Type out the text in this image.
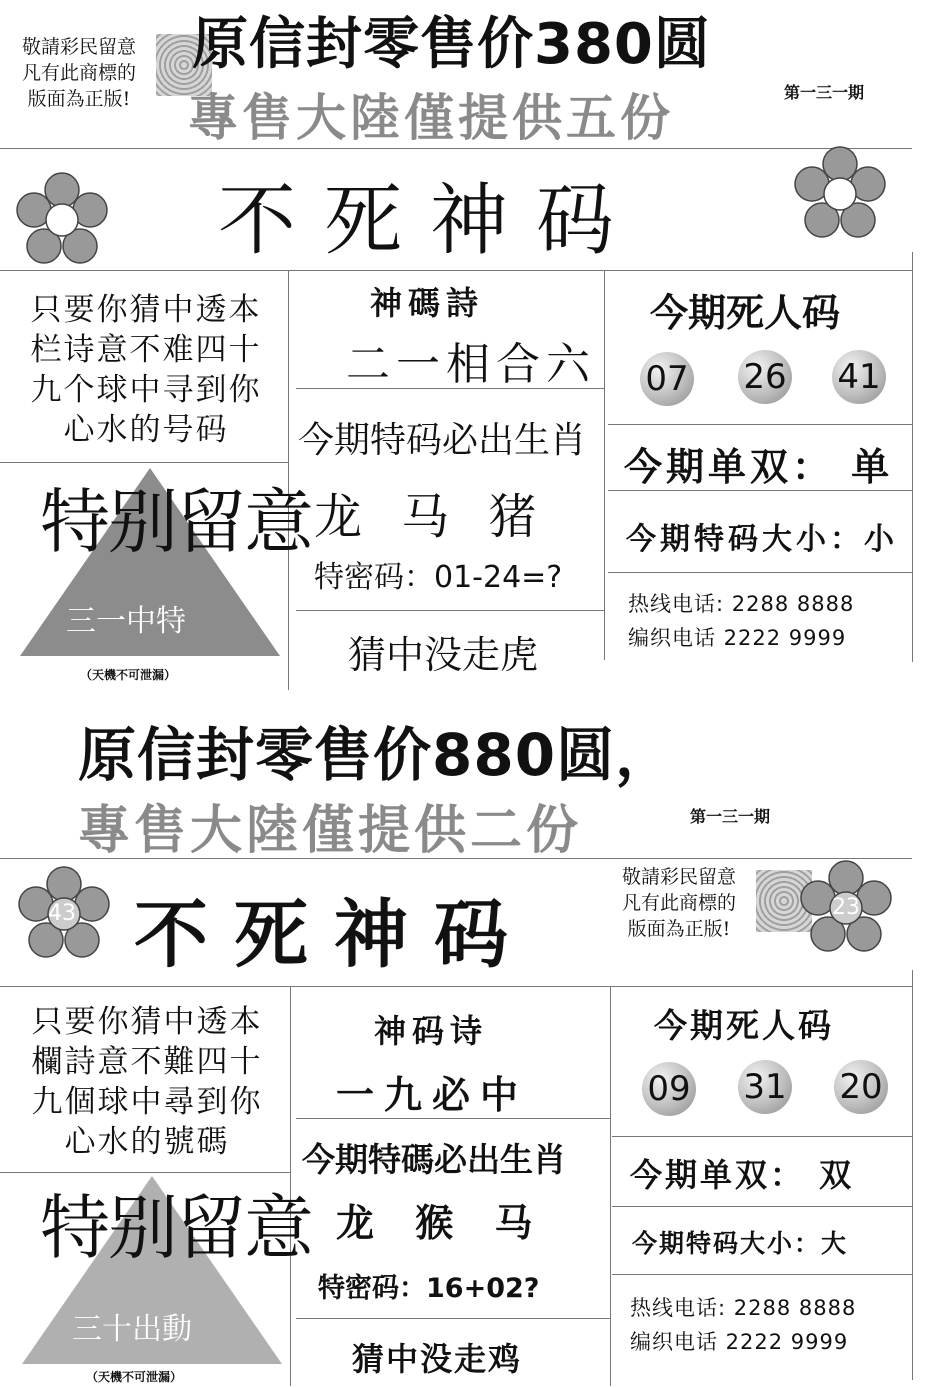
敬請彩民留意
凡有此商標的
版面為正版!
原信封零售价380圆
專售大陸僅提供五份	第一三一期
不死神码
只要你猜中透本
栏诗意不难四十
九个球中寻到你
心水的号码
特别留意
三一中特
（天機不可泄漏）
神碼詩
二一相合六
今期特码必出生肖
龙 马 猪
特密码：01-24=?
猜中没走虎
今期死人码
07 26 41
今期单双： 单
今期特码大小：小
热线电话: 2288 8888
编织电话 2222 9999
原信封零售价880圆，
專售大陸僅提供二份	第一三一期
43	23
不死神码
敬請彩民留意
凡有此商標的
版面為正版!
只要你猜中透本
欄詩意不難四十
九個球中尋到你
心水的號碼
特别留意
三十出動
（天機不可泄漏）
神码诗
一九必中
今期特碼必出生肖
龙 猴 马
特密码：16+02?
猜中没走鸡
今期死人码
09 31 20
今期单双： 双
今期特码大小：大
热线电话: 2288 8888
编织电话 2222 9999
